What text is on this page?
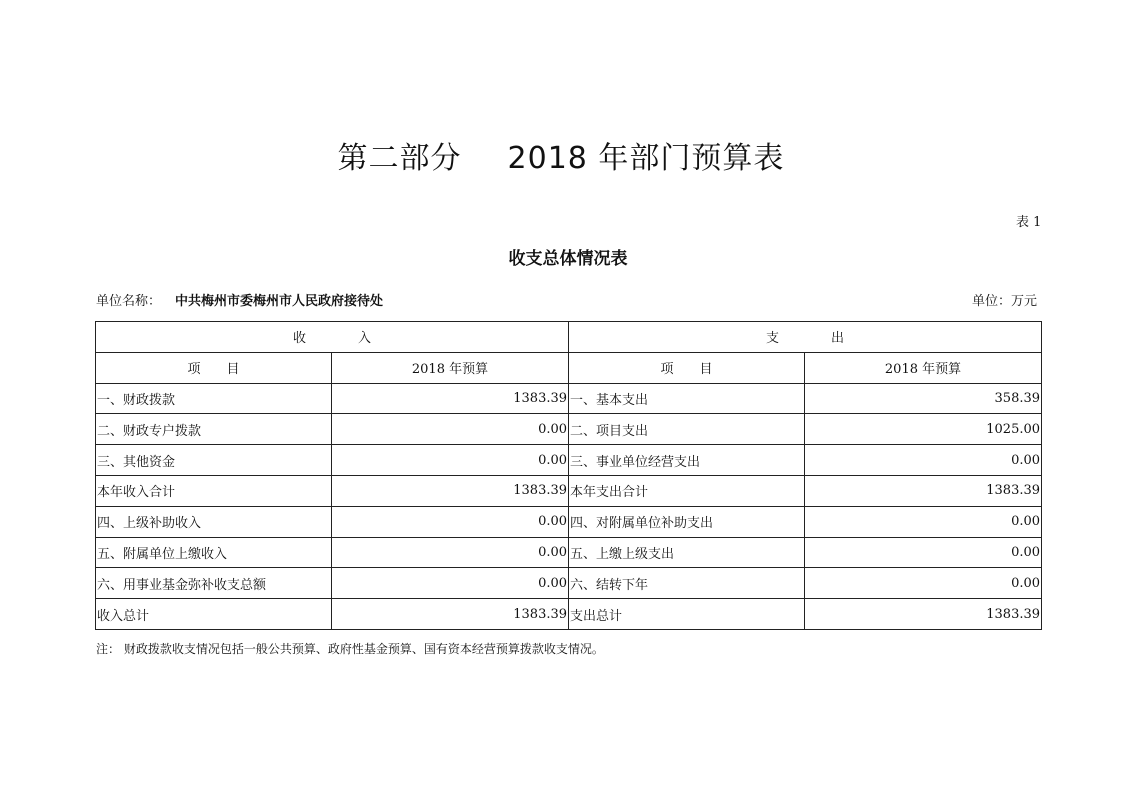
第二部分 2018 年部门预算表
表 1
收支总体情况表
单位名称： 中共梅州市委梅州市人民政府接待处	单位：万元
收　　　　入		支　　　　出	
项　　目	2018 年预算	项　　目	2018 年预算
一、财政拨款	1383.39	一、基本支出	358.39
二、财政专户拨款	0.00	二、项目支出	1025.00
三、其他资金	0.00	三、事业单位经营支出	0.00
本年收入合计	1383.39	本年支出合计	1383.39
四、上级补助收入	0.00	四、对附属单位补助支出	0.00
五、附属单位上缴收入	0.00	五、上缴上级支出	0.00
六、用事业基金弥补收支总额	0.00	六、结转下年	0.00
收入总计	1383.39	支出总计	1383.39
注： 财政拨款收支情况包括一般公共预算、政府性基金预算、国有资本经营预算拨款收支情况。
